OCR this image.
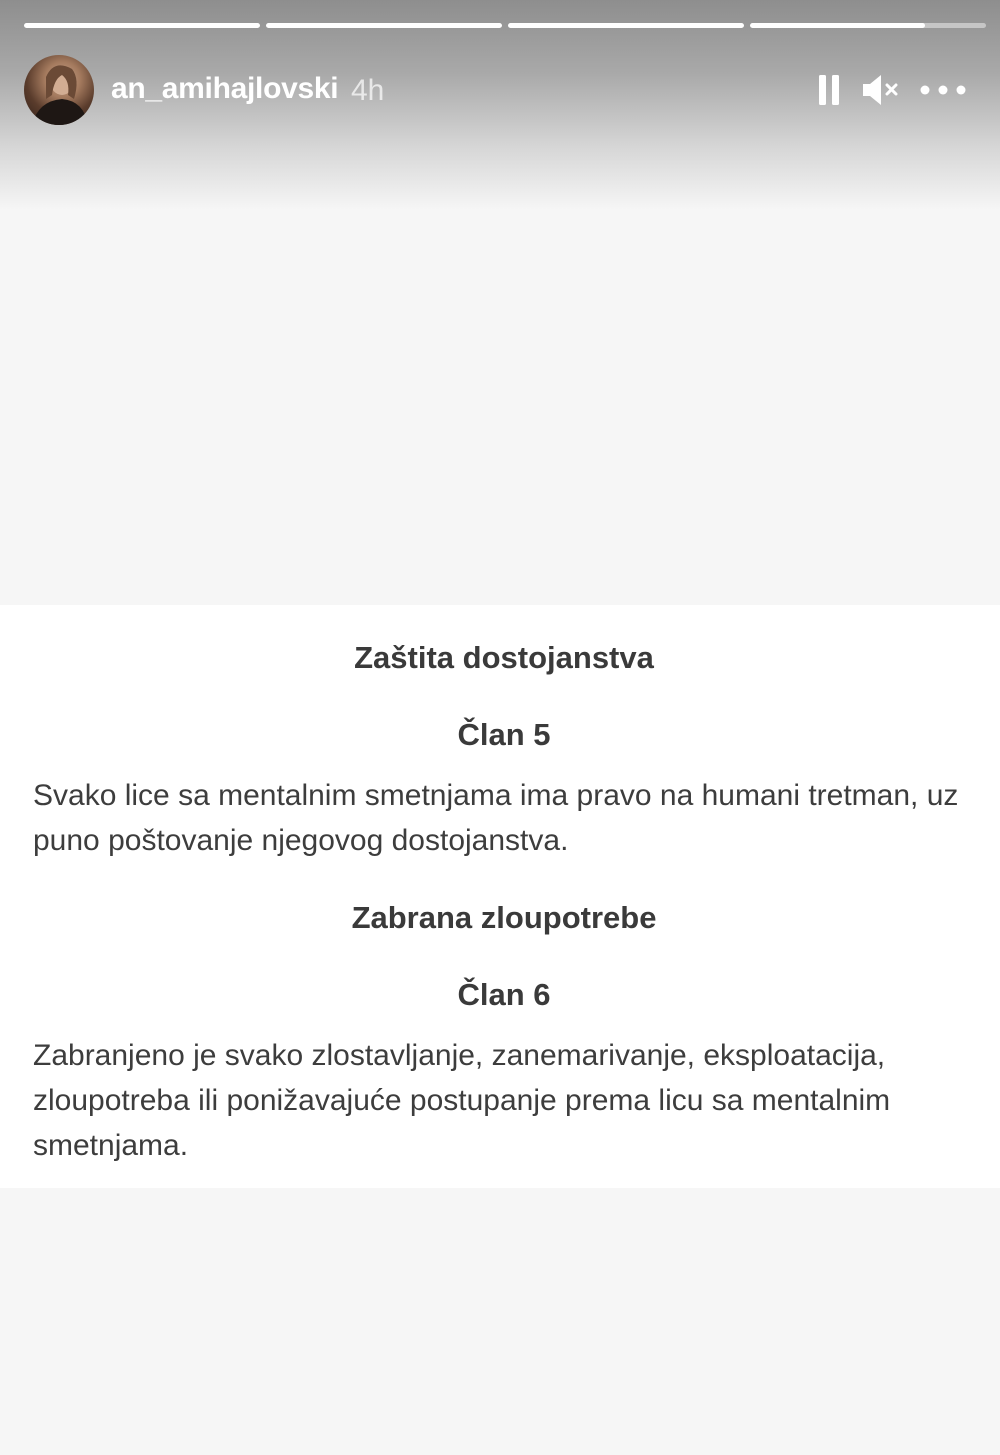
an_amihajlovski 4h
Zaštita dostojanstva
Član 5
Svako lice sa mentalnim smetnjama ima pravo na humani tretman, uz puno poštovanje njegovog dostojanstva.
Zabrana zloupotrebe
Član 6
Zabranjeno je svako zlostavljanje, zanemarivanje, eksploatacija, zloupotreba ili ponižavajuće postupanje prema licu sa mentalnim smetnjama.
